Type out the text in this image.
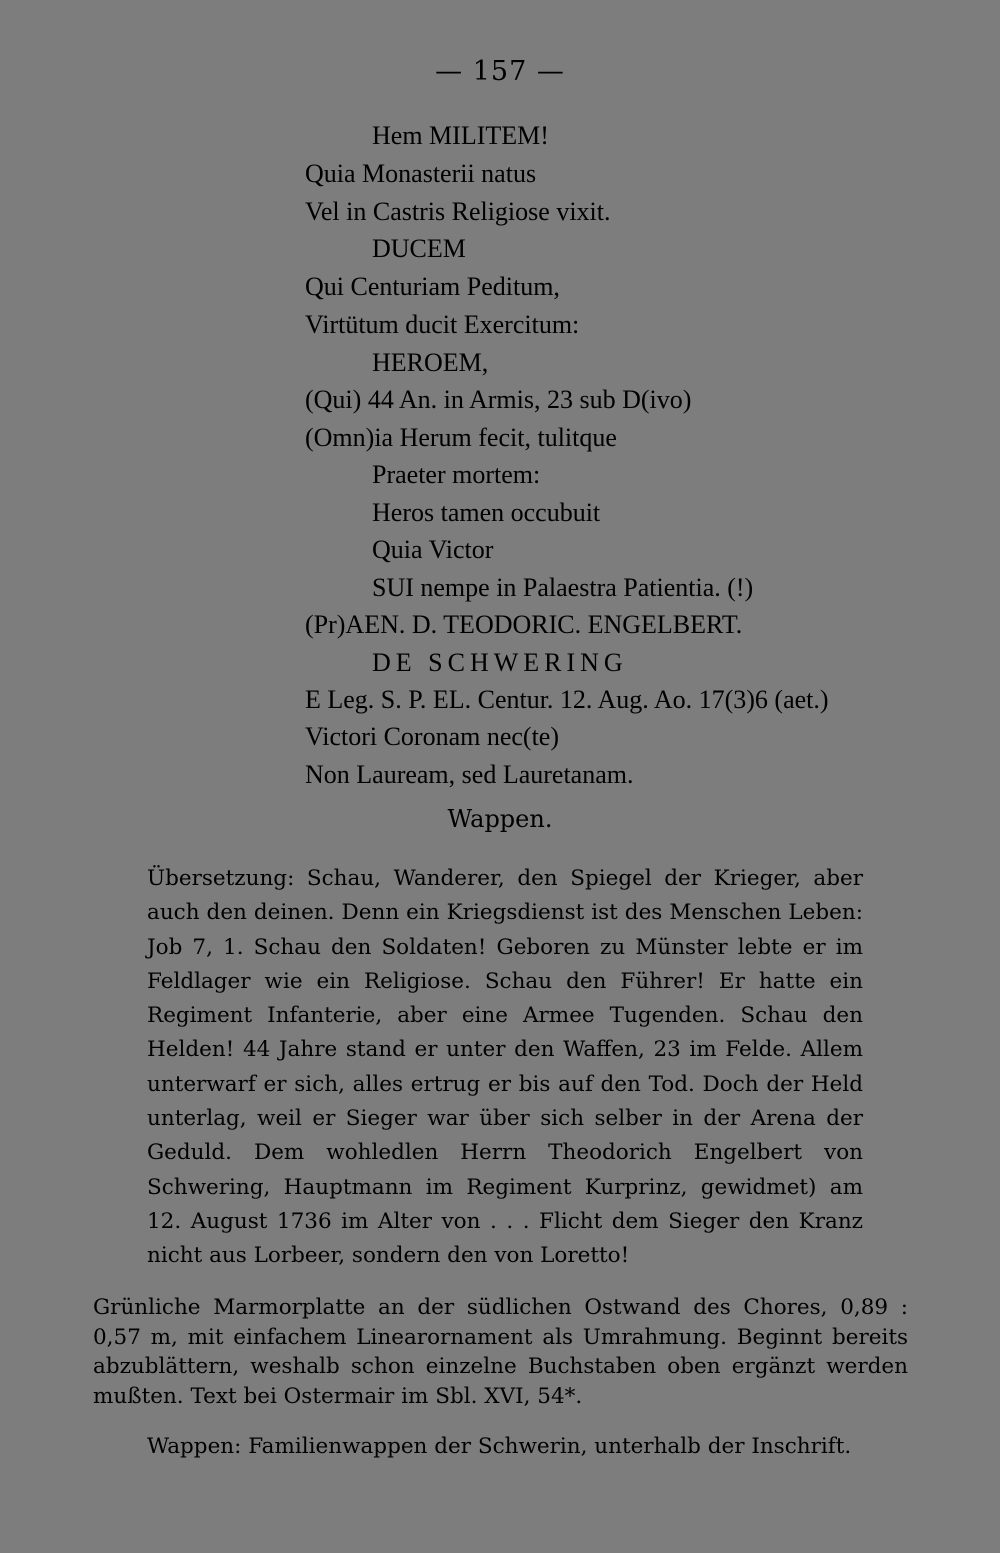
— 157 —
Hem MILITEM!
Quia Monasterii natus
Vel in Castris Religiose vixit.
DUCEM
Qui Centuriam Peditum,
Virtütum ducit Exercitum:
HEROEM,
(Qui) 44 An. in Armis, 23 sub D(ivo)
(Omn)ia Herum fecit, tulitque
Praeter mortem:
Heros tamen occubuit
Quia Victor
SUI nempe in Palaestra Patientia. (!)
(Pr)AEN. D. TEODORIC. ENGELBERT.
DE SCHWERING
E Leg. S. P. EL. Centur. 12. Aug. Ao. 17(3)6 (aet.)
Victori Coronam nec(te)
Non Lauream, sed Lauretanam.
Wappen.

Übersetzung: Schau, Wanderer, den Spiegel der Krieger, aber auch den deinen. Denn ein Kriegsdienst ist des Menschen Leben: Job 7, 1. Schau den Soldaten! Geboren zu Münster lebte er im Feldlager wie ein Religiose. Schau den Führer! Er hatte ein Regiment Infanterie, aber eine Armee Tugenden. Schau den Helden! 44 Jahre stand er unter den Waffen, 23 im Felde. Allem unterwarf er sich, alles ertrug er bis auf den Tod. Doch der Held unterlag, weil er Sieger war über sich selber in der Arena der Geduld. Dem wohledlen Herrn Theodorich Engelbert von Schwering, Hauptmann im Regiment Kurprinz, gewidmet) am 12. August 1736 im Alter von . . . Flicht dem Sieger den Kranz nicht aus Lorbeer, sondern den von Loretto!

Grünliche Marmorplatte an der südlichen Ostwand des Chores, 0,89 : 0,57 m, mit einfachem Linearornament als Umrahmung. Beginnt bereits abzublättern, weshalb schon einzelne Buchstaben oben ergänzt werden mußten. Text bei Ostermair im Sbl. XVI, 54*.

Wappen: Familienwappen der Schwerin, unterhalb der Inschrift.
